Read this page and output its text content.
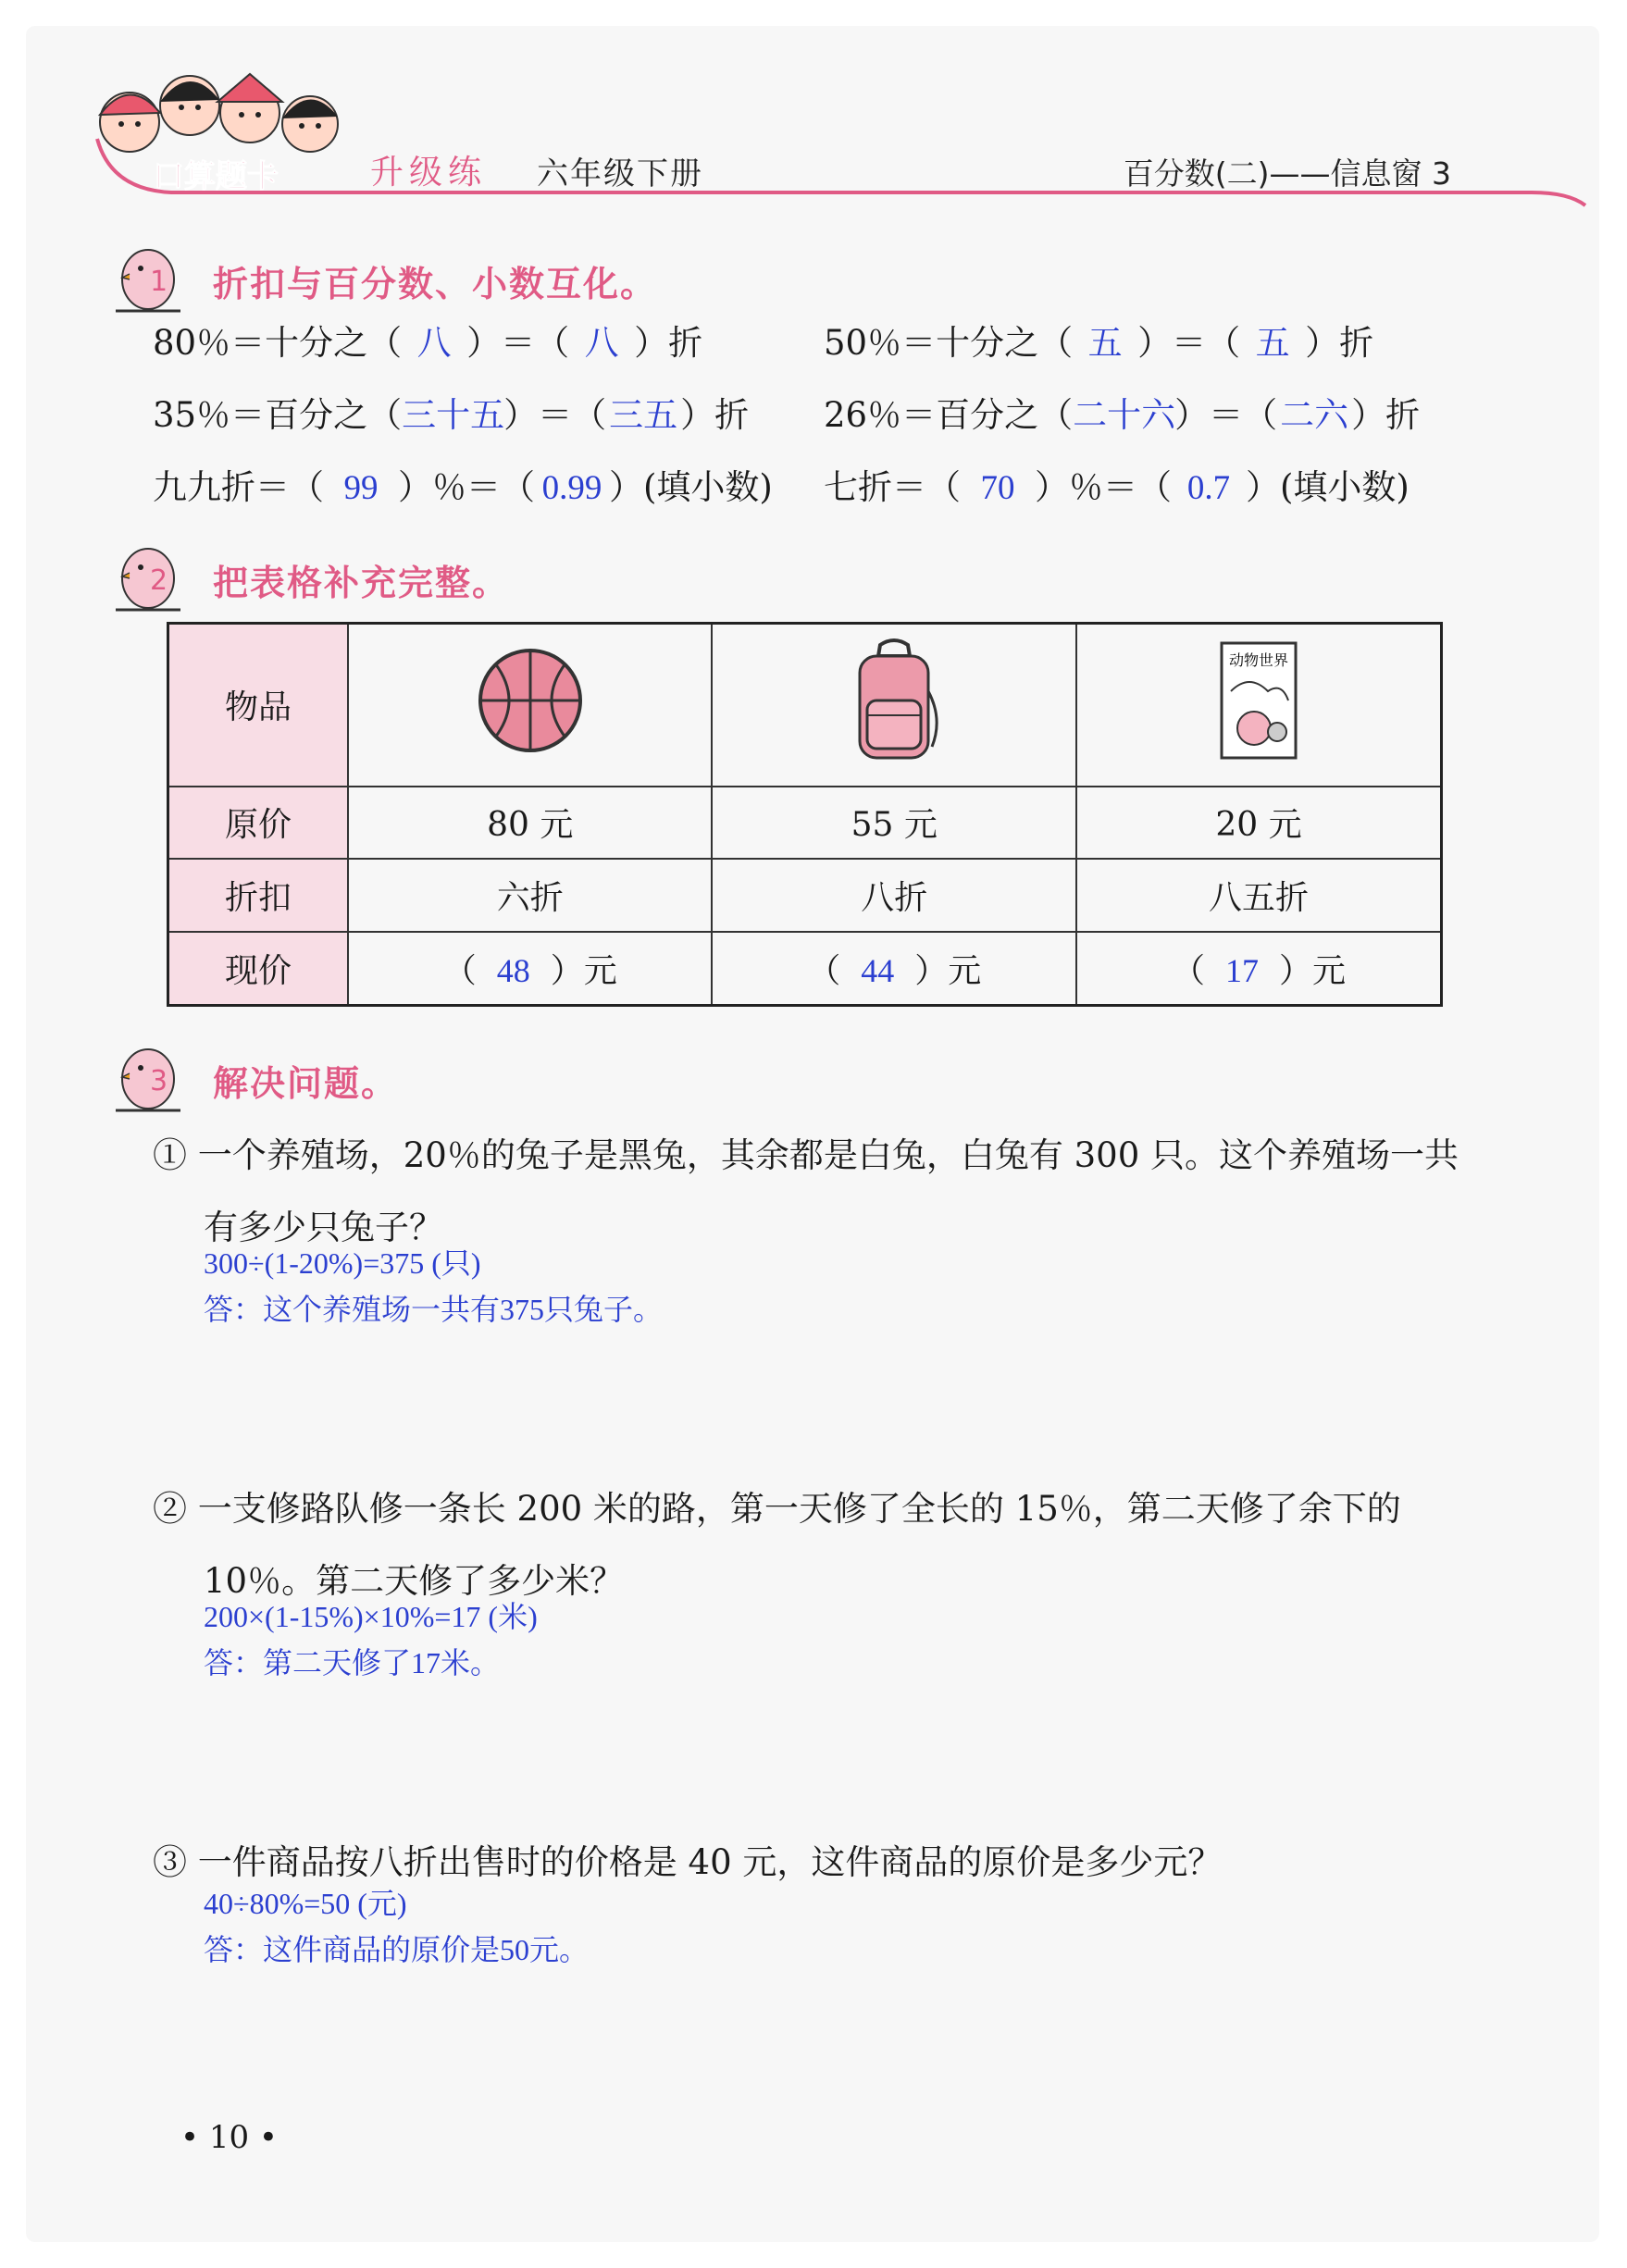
口算题卡	升级练 六年级下册	百分数(二)——信息窗 3
1 折扣与百分数、小数互化。
80％＝十分之（ 八 ）＝（ 八 ）折	50％＝十分之（ 五 ）＝（ 五 ）折
35％＝百分之（三十五）＝（三五）折 26％＝百分之（二十六）＝（二六）折
九九折＝（ 99 ）％＝（ 0.99 ）(填小数) 七折＝（ 70 ）％＝（ 0.7 ）(填小数)
2 把表格补充完整。
物品			动物世界

原价	80 元	55 元	20 元
折扣	六折	八折	八五折
现价	（ 48 ）元	（ 44 ）元	（ 17 ）元
3 解决问题。
① 一个养殖场，20％的兔子是黑兔，其余都是白兔，白兔有 300 只。这个养殖场一共
有多少只兔子？
300÷(1-20%)=375 (只)
答：这个养殖场一共有375只兔子。
② 一支修路队修一条长 200 米的路，第一天修了全长的 15％，第二天修了余下的
10％。第二天修了多少米？
200×(1-15%)×10%=17 (米)
答：第二天修了17米。
③ 一件商品按八折出售时的价格是 40 元，这件商品的原价是多少元？
40÷80%=50 (元)
答：这件商品的原价是50元。
• 10 •
